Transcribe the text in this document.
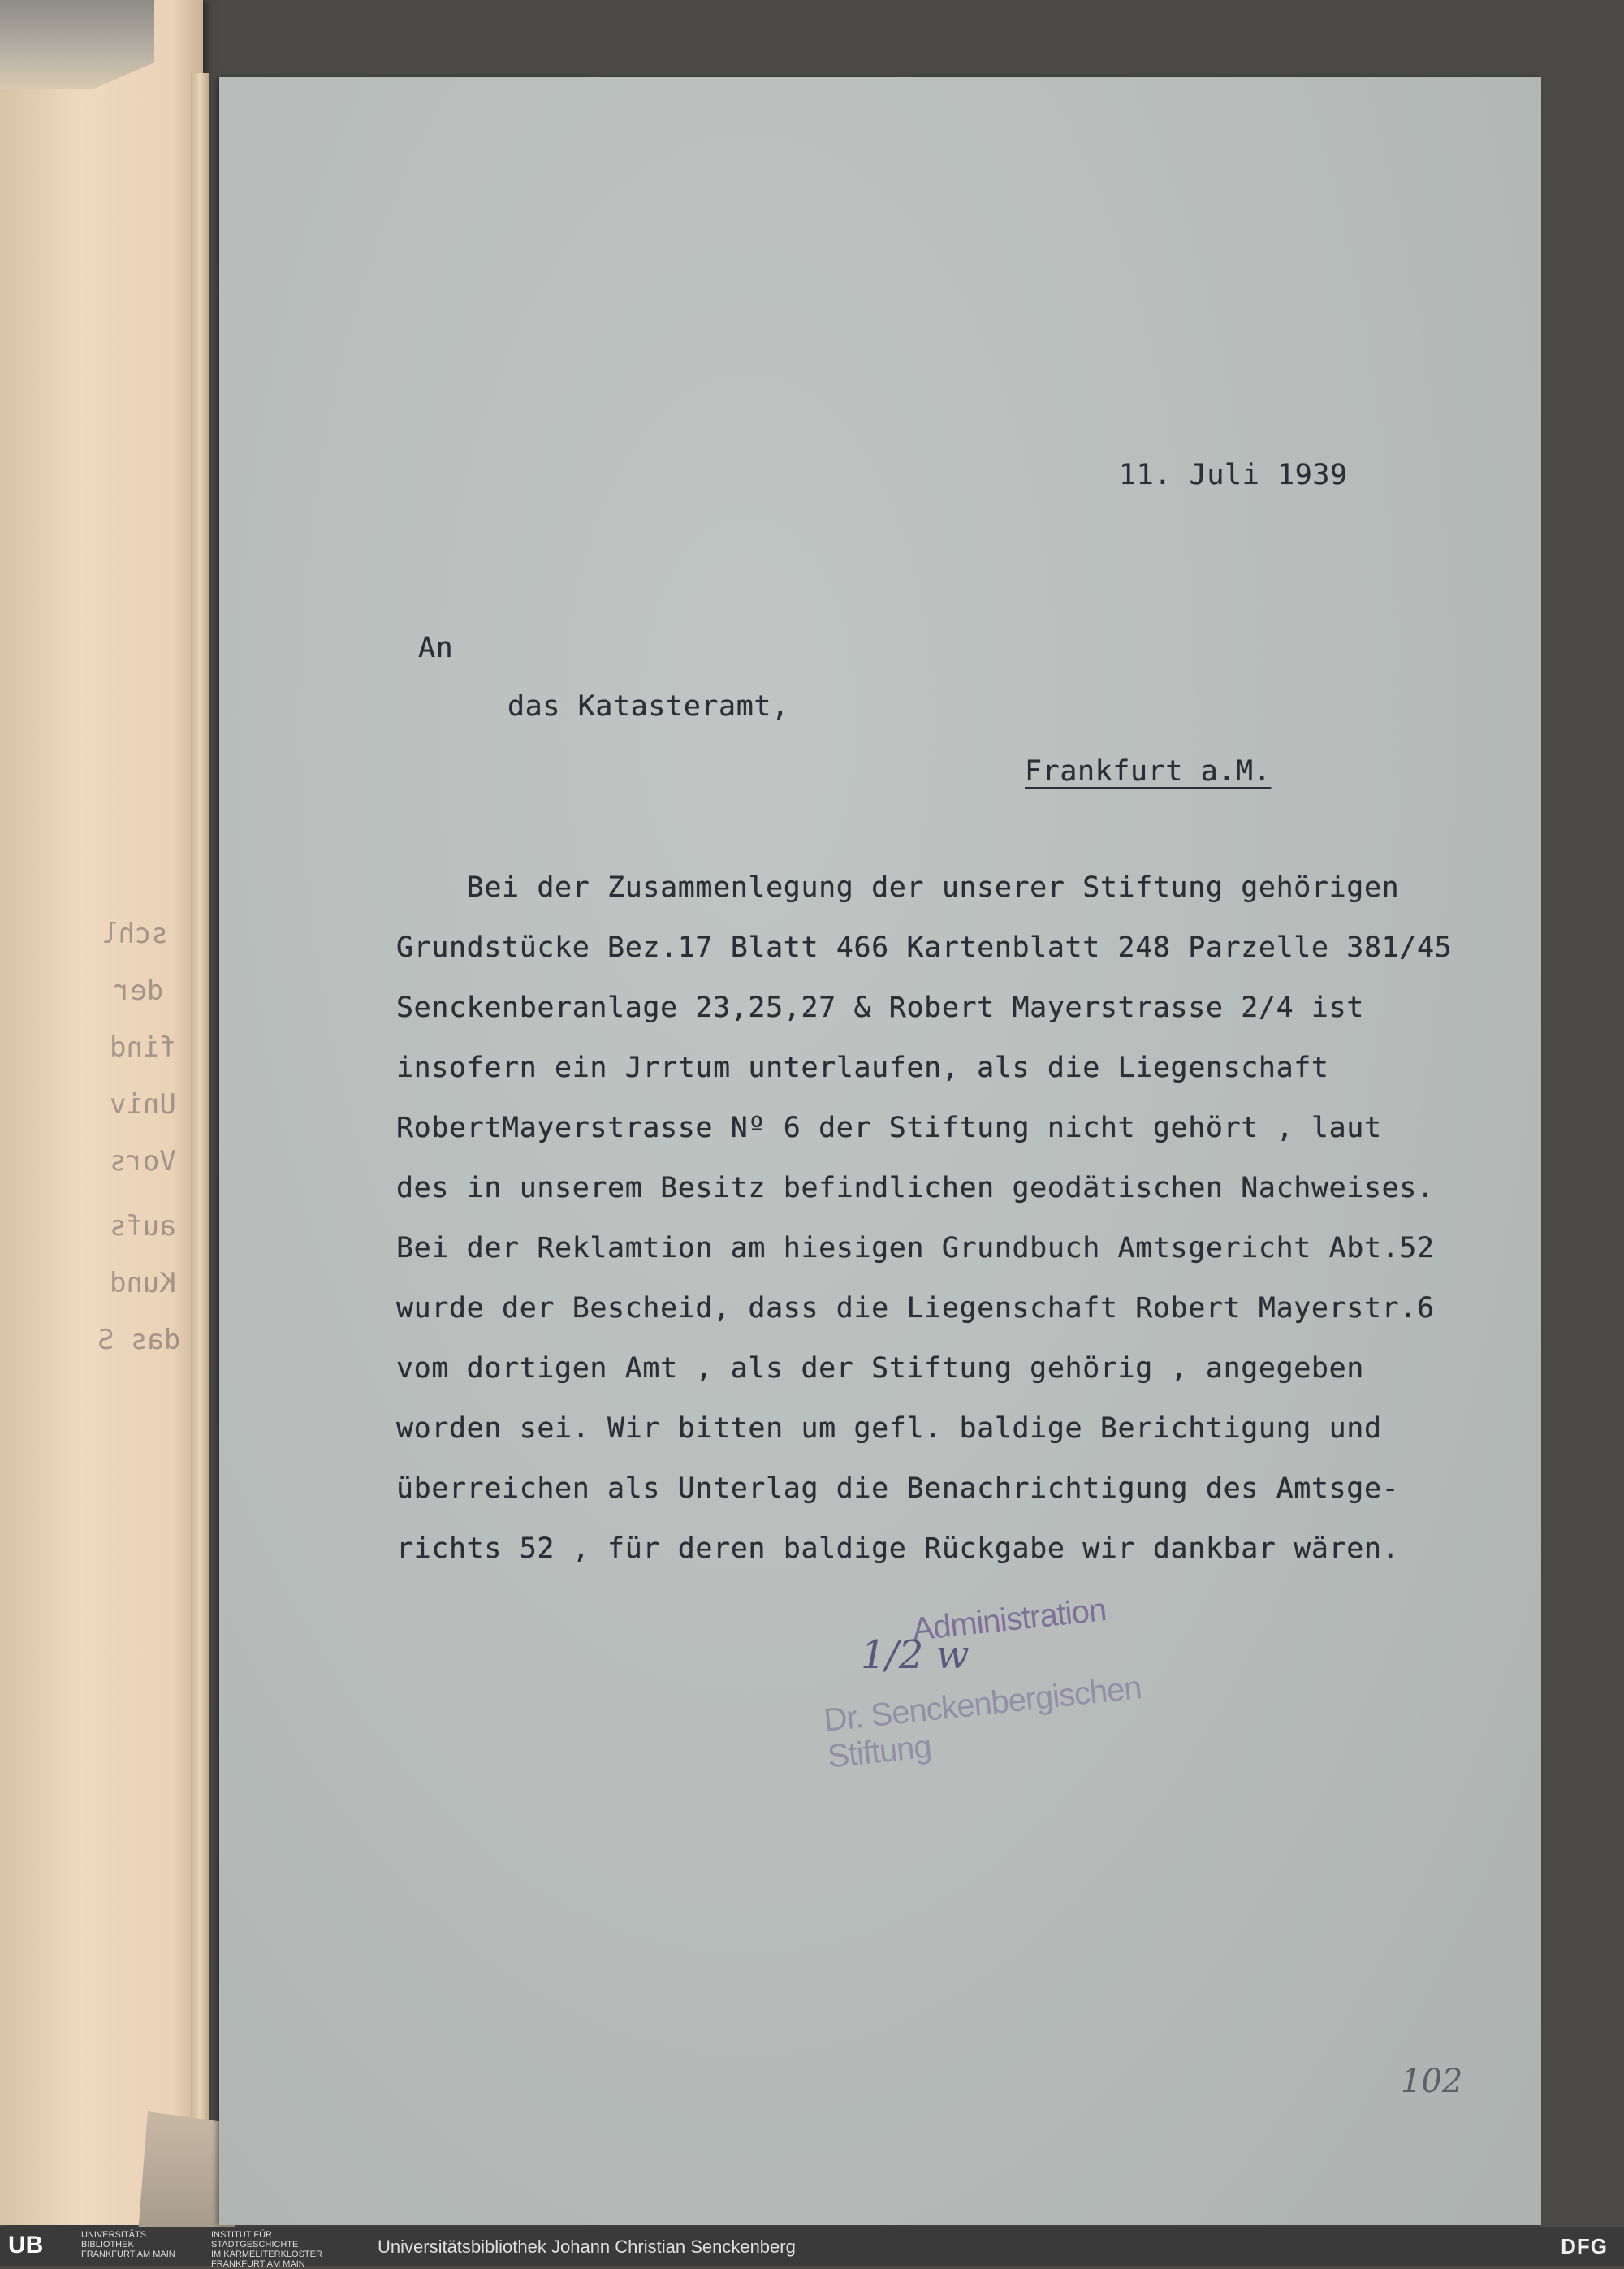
schl
der
find
Univ
Vors
aufs
Kund
das S
11. Juli 1939
An
das Katasteramt,
Frankfurt a.M.
Bei der Zusammenlegung der unserer Stiftung gehörigen
Grundstücke Bez.17 Blatt 466 Kartenblatt 248 Parzelle 381/45
Senckenberanlage 23,25,27 & Robert Mayerstrasse 2/4 ist
insofern ein Jrrtum unterlaufen, als die Liegenschaft
RobertMayerstrasse Nº 6 der Stiftung nicht gehört , laut
des in unserem Besitz befindlichen geodätischen Nachweises.
Bei der Reklamtion am hiesigen Grundbuch Amtsgericht Abt.52
wurde der Bescheid, dass die Liegenschaft Robert Mayerstr.6
vom dortigen Amt , als der Stiftung gehörig , angegeben
worden sei. Wir bitten um gefl. baldige Berichtigung und
überreichen als Unterlag die Benachrichtigung des Amtsge-
richts 52 , für deren baldige Rückgabe wir dankbar wären.
Administration
Dr. Senckenbergischen Stiftung
1/2 w
102
UB	UNIVERSITÄTS
BIBLIOTHEK
FRANKFURT AM MAIN
INSTITUT FÜR
STADTGESCHICHTE
IM KARMELITERKLOSTER
FRANKFURT AM MAIN
Universitätsbibliothek Johann Christian Senckenberg	DFG
